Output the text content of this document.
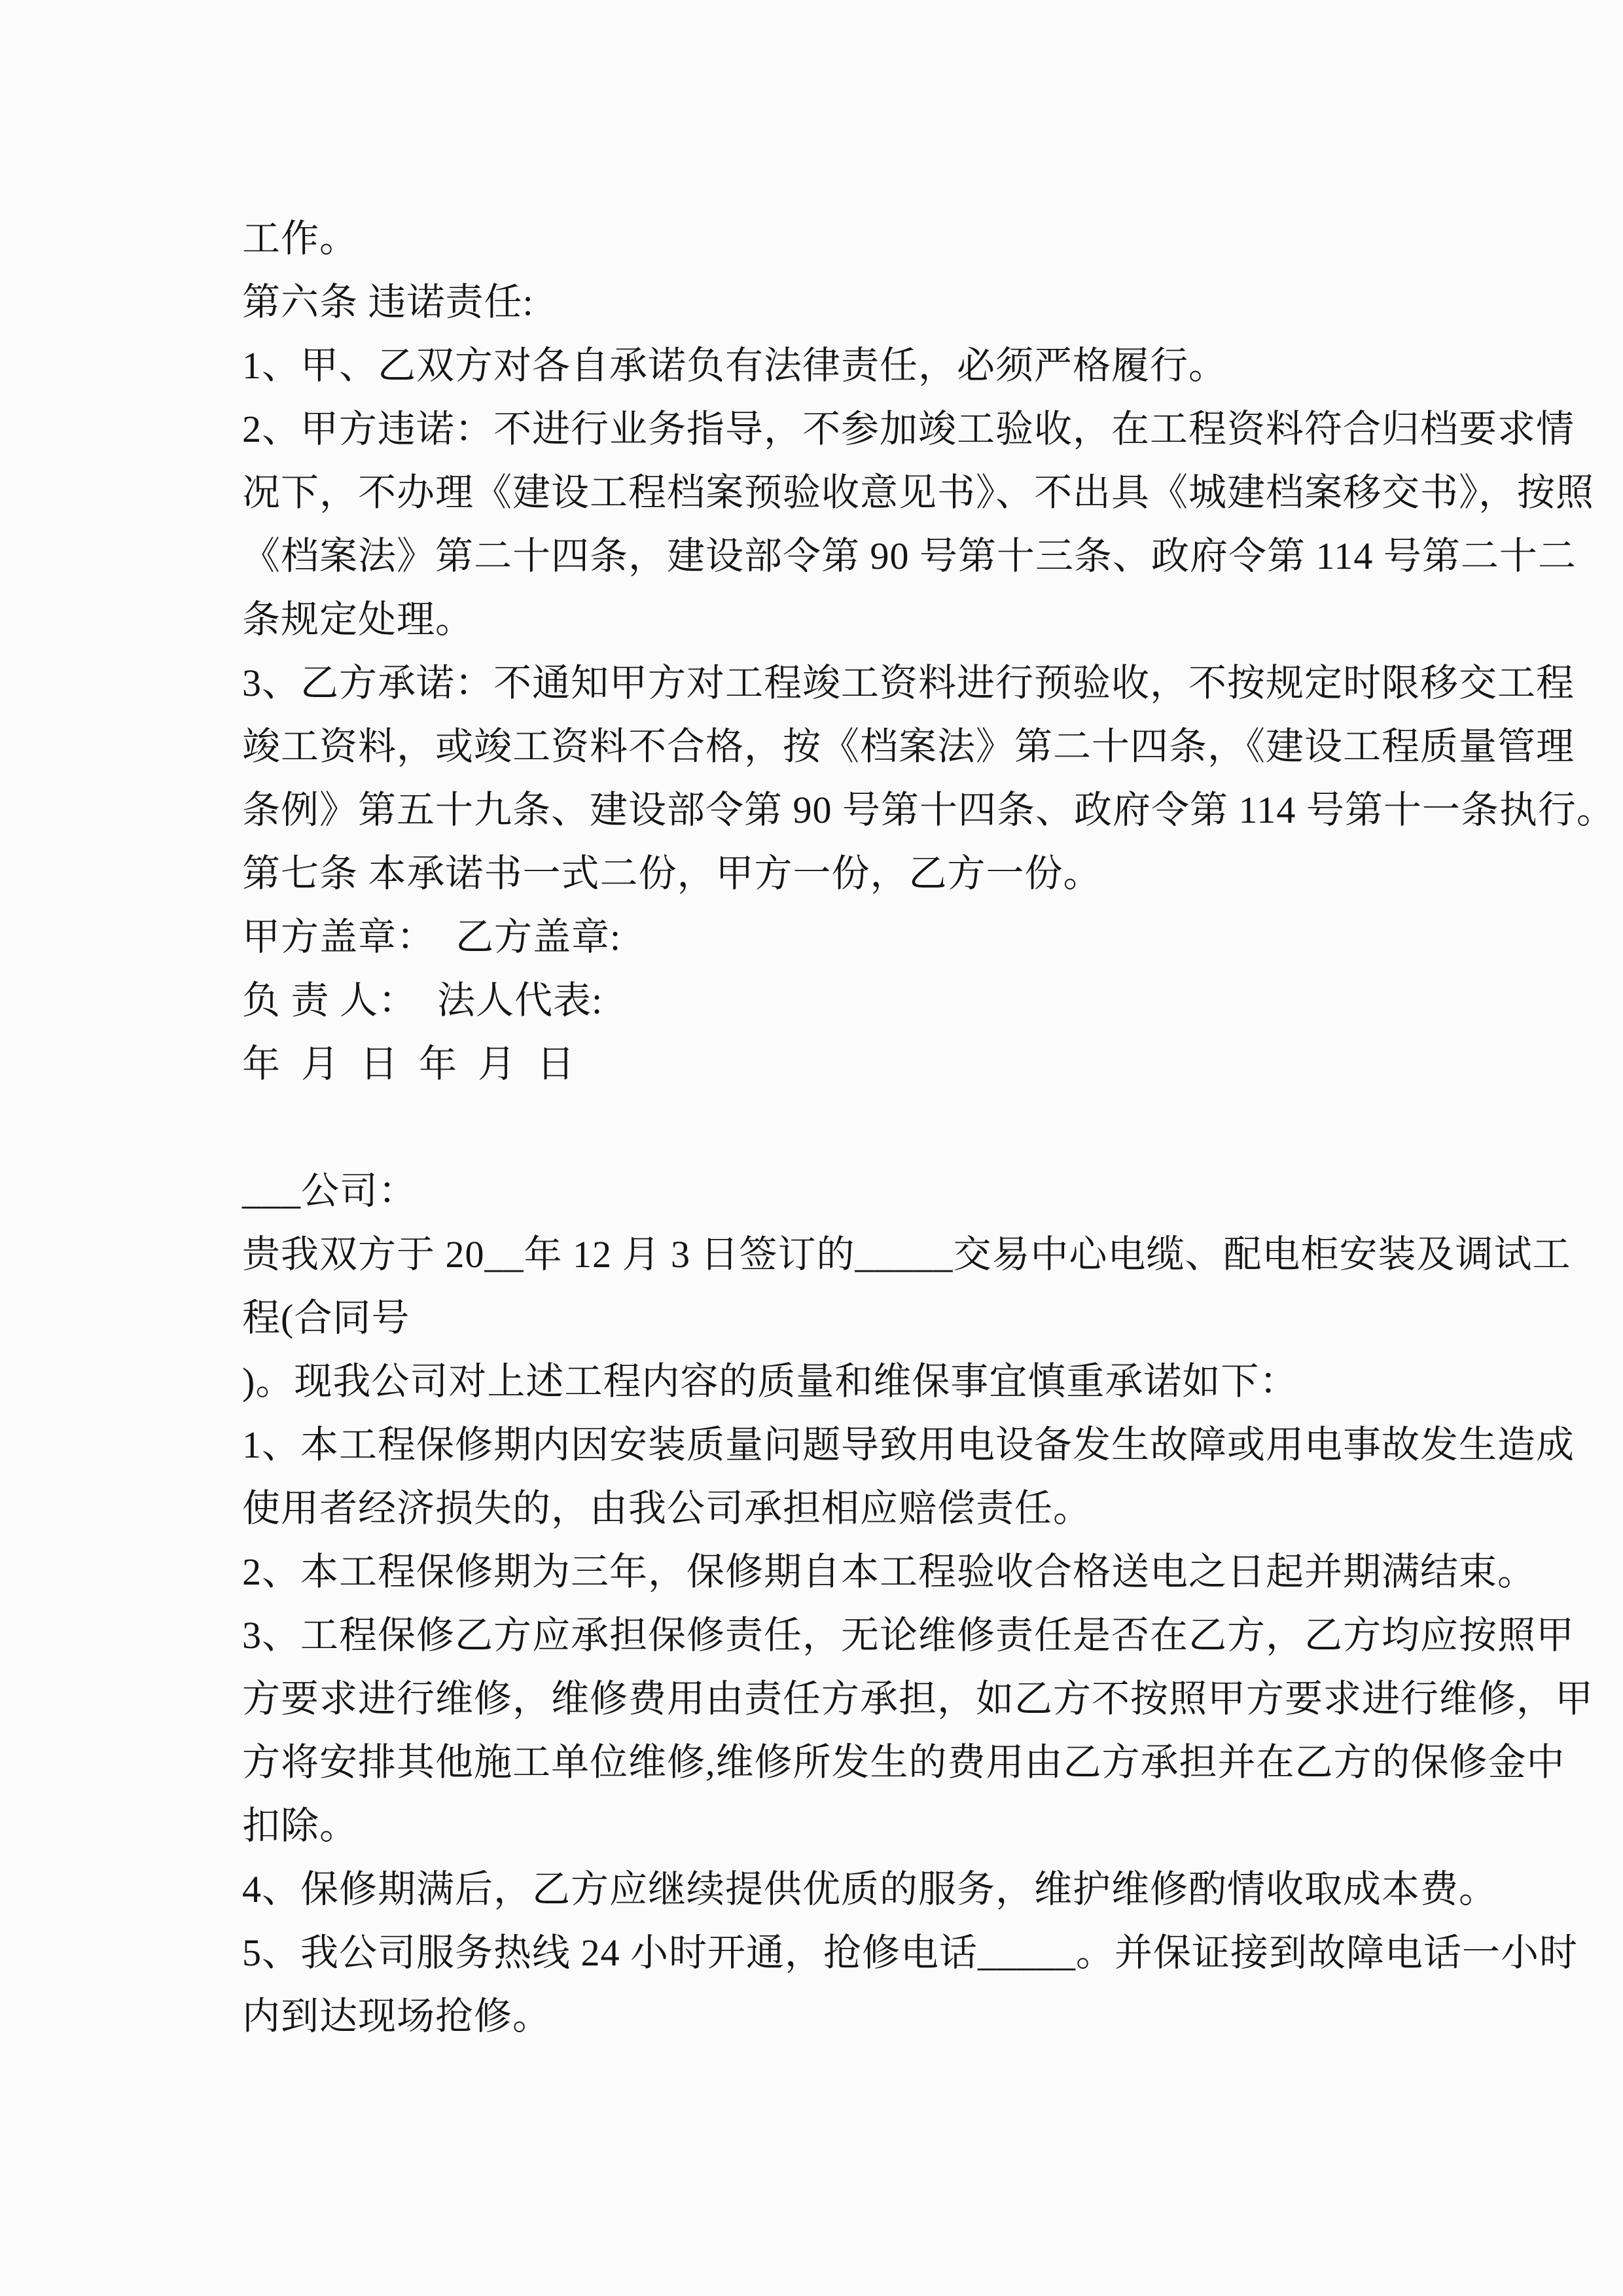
工作。
第六条 违诺责任:
1、甲、乙双方对各自承诺负有法律责任，必须严格履行。
2、甲方违诺：不进行业务指导，不参加竣工验收，在工程资料符合归档要求情
况下，不办理《建设工程档案预验收意见书》、不出具《城建档案移交书》，按照
《档案法》第二十四条，建设部令第 90 号第十三条、政府令第 114 号第二十二
条规定处理。
3、乙方承诺：不通知甲方对工程竣工资料进行预验收，不按规定时限移交工程
竣工资料，或竣工资料不合格，按《档案法》第二十四条，《建设工程质量管理
条例》第五十九条、建设部令第 90 号第十四条、政府令第 114 号第十一条执行。
第七条 本承诺书一式二份，甲方一份，乙方一份。
甲方盖章：  乙方盖章:
负 责 人：  法人代表:
年  月  日  年  月  日
___公司：
贵我双方于 20__年 12 月 3 日签订的_____交易中心电缆、配电柜安装及调试工
程(合同号
)。现我公司对上述工程内容的质量和维保事宜慎重承诺如下：
1、本工程保修期内因安装质量问题导致用电设备发生故障或用电事故发生造成
使用者经济损失的，由我公司承担相应赔偿责任。
2、本工程保修期为三年，保修期自本工程验收合格送电之日起并期满结束。
3、工程保修乙方应承担保修责任，无论维修责任是否在乙方，乙方均应按照甲
方要求进行维修，维修费用由责任方承担，如乙方不按照甲方要求进行维修，甲
方将安排其他施工单位维修,维修所发生的费用由乙方承担并在乙方的保修金中
扣除。
4、保修期满后，乙方应继续提供优质的服务，维护维修酌情收取成本费。
5、我公司服务热线 24 小时开通，抢修电话_____。并保证接到故障电话一小时
内到达现场抢修。
